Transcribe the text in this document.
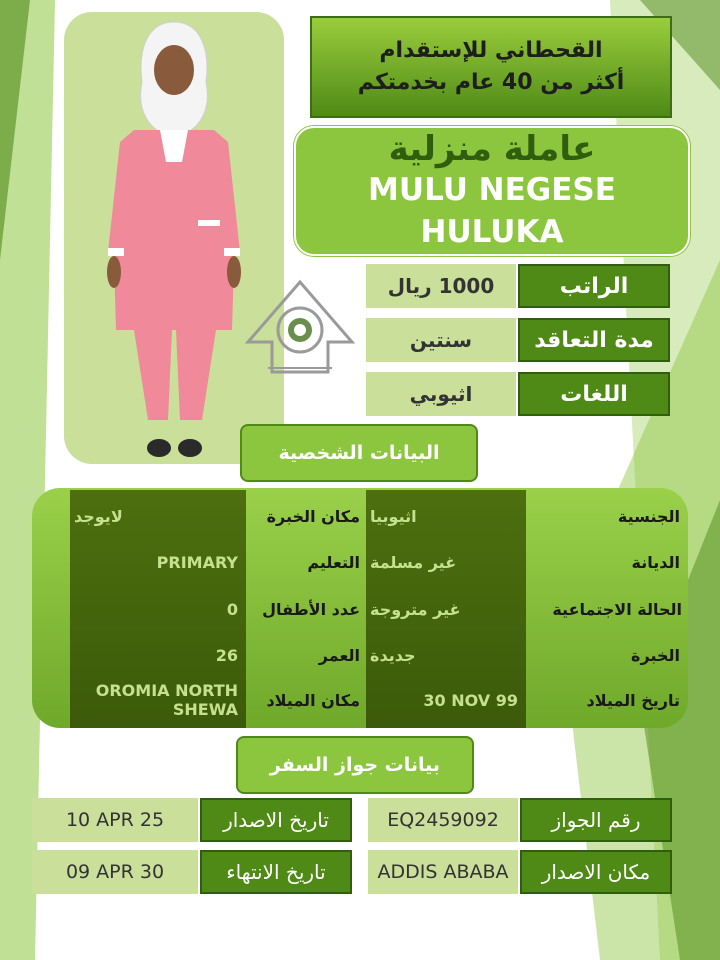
القحطاني للإستقدام
أكثر من 40 عام بخدمتكم
عاملة منزلية
MULU NEGESE HULUKA
الراتب
1000 ريال
مدة التعاقد
سنتين
اللغات
اثيوبي
البيانات الشخصية
الجنسية
اثيوبيا
الديانة
غير مسلمة
الحالة الاجتماعية
غير متروجة
الخبرة
جديدة
تاريخ الميلاد
30 NOV 99
مكان الخبرة
لايوجد
التعليم
PRIMARY
عدد الأطفال
0
العمر
26
مكان الميلاد
OROMIA NORTH SHEWA
بيانات جواز السفر
رقم الجواز
EQ2459092
تاريخ الاصدار
10 APR 25
مكان الاصدار
ADDIS ABABA
تاريخ الانتهاء
09 APR 30
